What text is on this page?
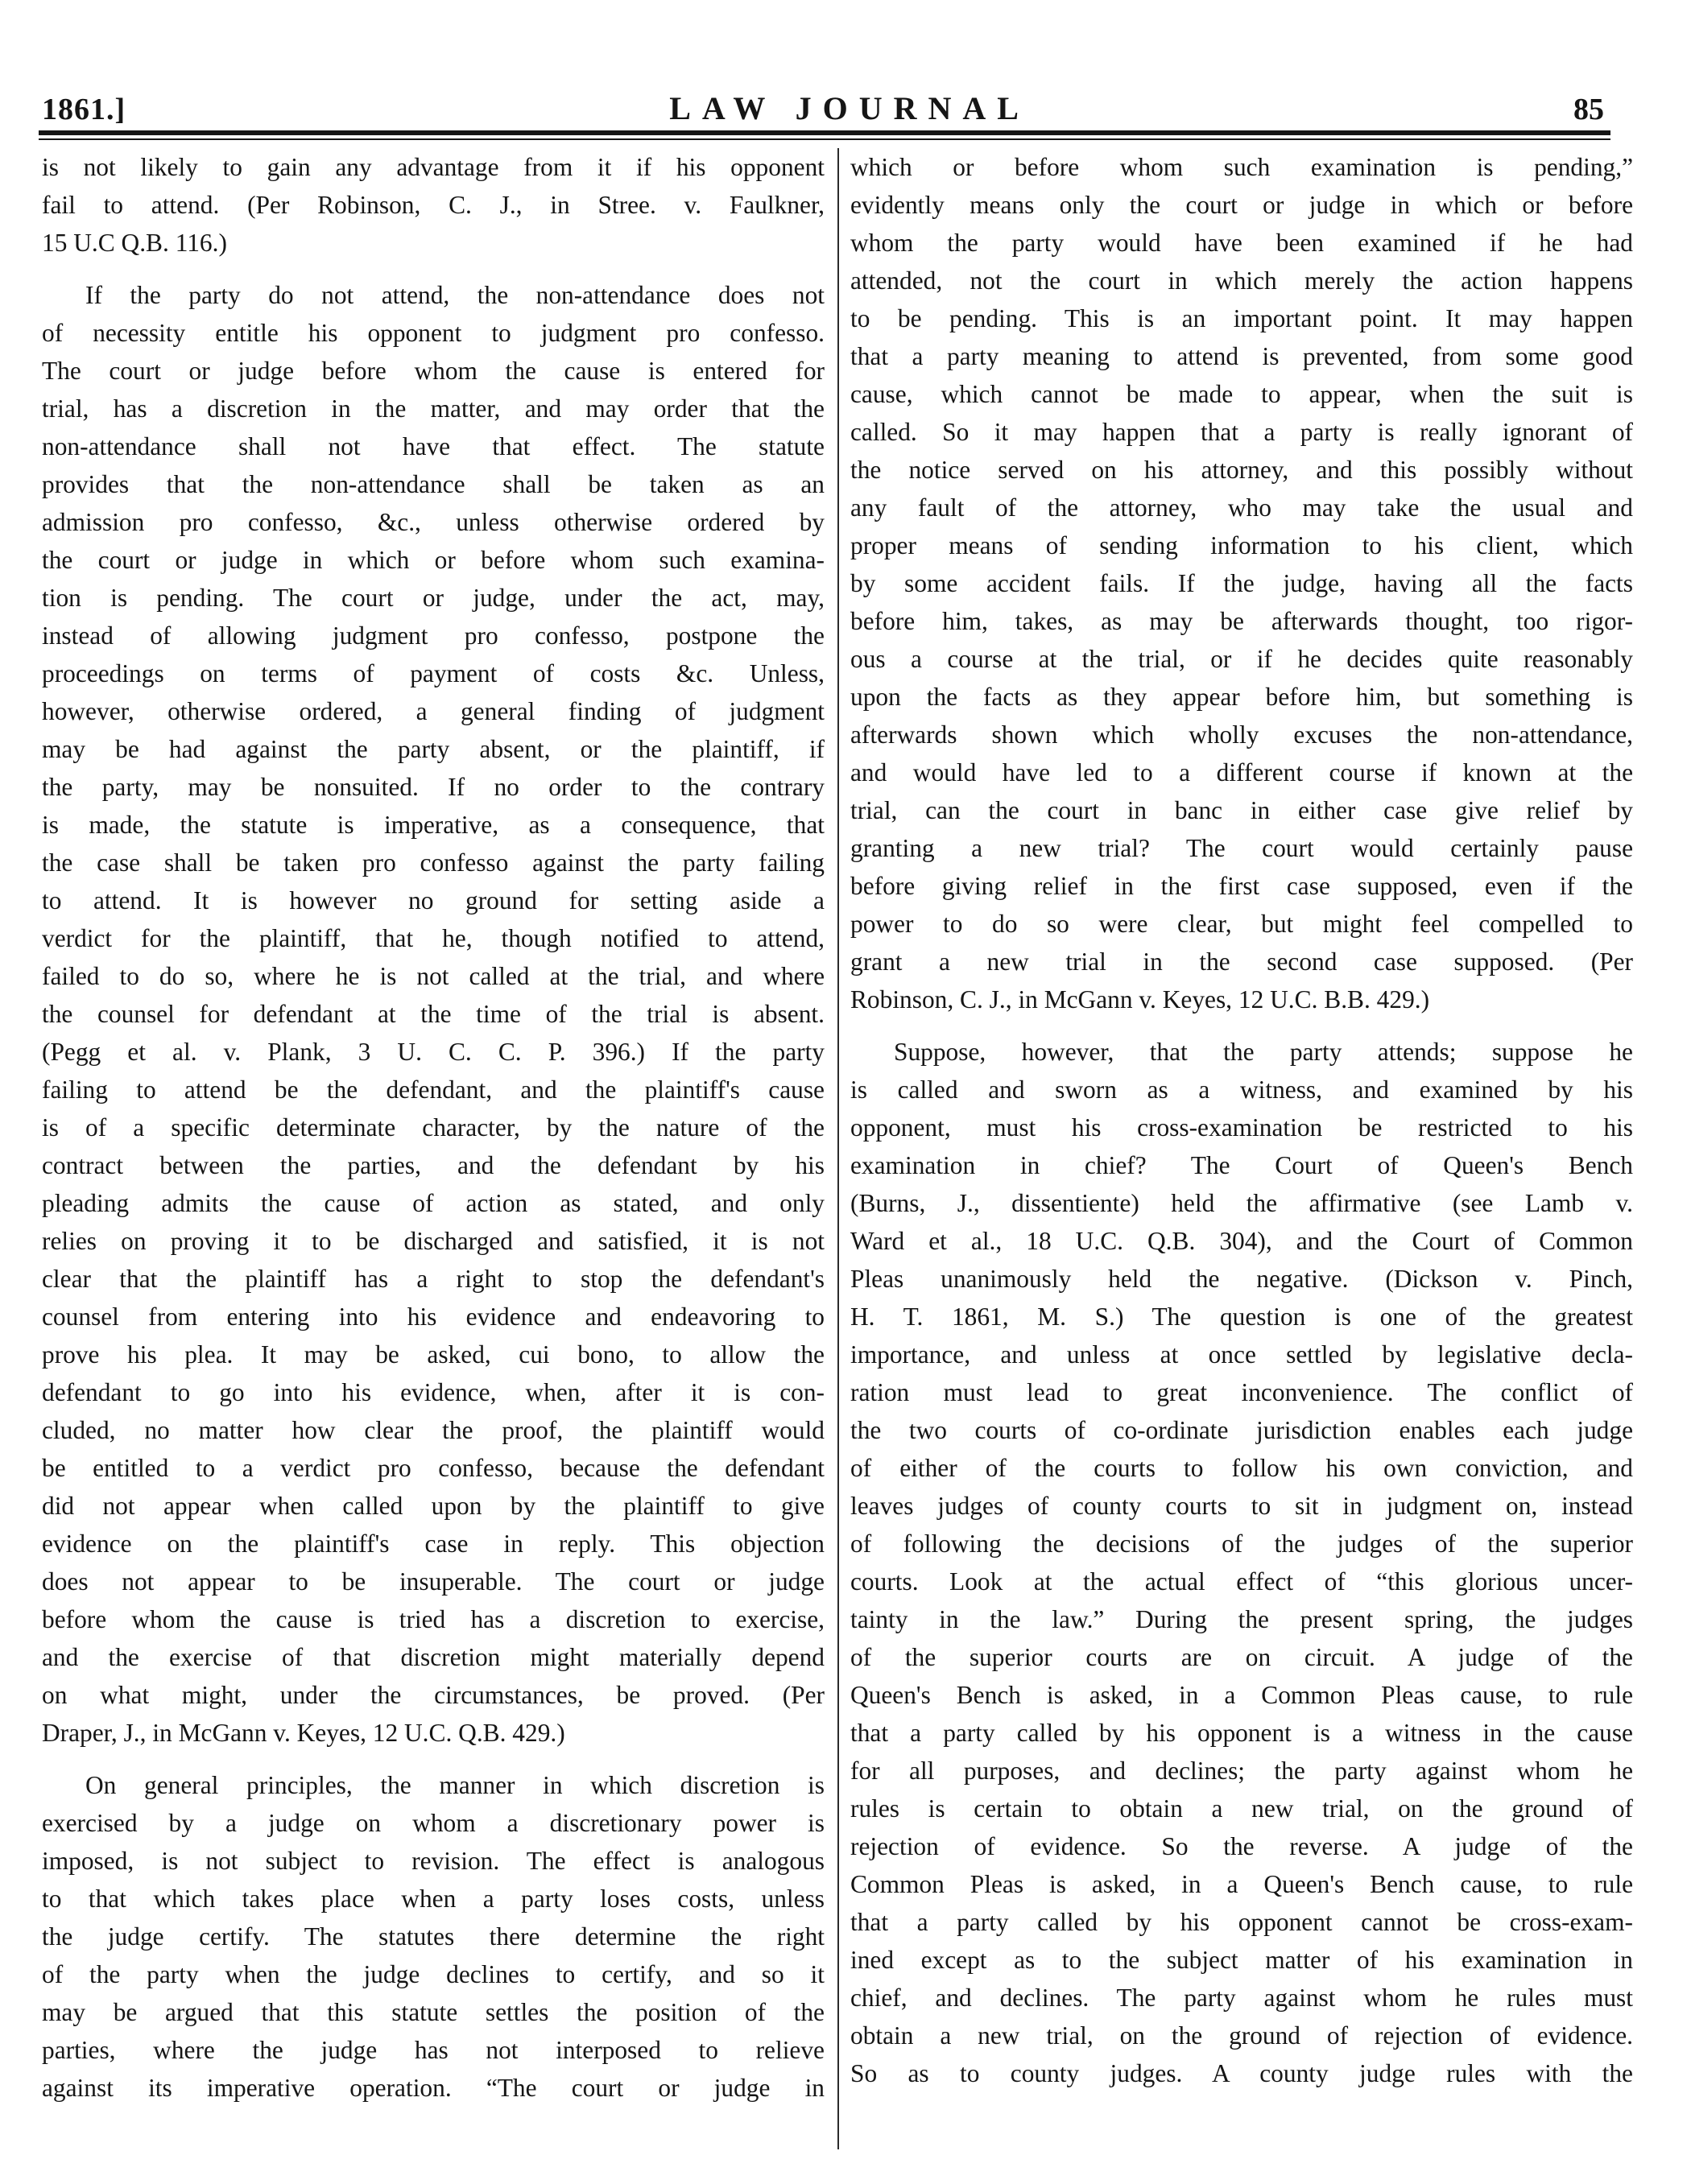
1861.]	LAW JOURNAL	85
is not likely to gain any advantage from it if his opponent
fail to attend. (Per Robinson, C. J., in Stree. v. Faulkner,
15 U.C Q.B. 116.)
If the party do not attend, the non-attendance does not
of necessity entitle his opponent to judgment pro confesso.
The court or judge before whom the cause is entered for
trial, has a discretion in the matter, and may order that the
non-attendance shall not have that effect. The statute
provides that the non-attendance shall be taken as an
admission pro confesso, &c., unless otherwise ordered by
the court or judge in which or before whom such examina-
tion is pending. The court or judge, under the act, may,
instead of allowing judgment pro confesso, postpone the
proceedings on terms of payment of costs &c. Unless,
however, otherwise ordered, a general finding of judgment
may be had against the party absent, or the plaintiff, if
the party, may be nonsuited. If no order to the contrary
is made, the statute is imperative, as a consequence, that
the case shall be taken pro confesso against the party failing
to attend. It is however no ground for setting aside a
verdict for the plaintiff, that he, though notified to attend,
failed to do so, where he is not called at the trial, and where
the counsel for defendant at the time of the trial is absent.
(Pegg et al. v. Plank, 3 U. C. C. P. 396.) If the party
failing to attend be the defendant, and the plaintiff's cause
is of a specific determinate character, by the nature of the
contract between the parties, and the defendant by his
pleading admits the cause of action as stated, and only
relies on proving it to be discharged and satisfied, it is not
clear that the plaintiff has a right to stop the defendant's
counsel from entering into his evidence and endeavoring to
prove his plea. It may be asked, cui bono, to allow the
defendant to go into his evidence, when, after it is con-
cluded, no matter how clear the proof, the plaintiff would
be entitled to a verdict pro confesso, because the defendant
did not appear when called upon by the plaintiff to give
evidence on the plaintiff's case in reply. This objection
does not appear to be insuperable. The court or judge
before whom the cause is tried has a discretion to exercise,
and the exercise of that discretion might materially depend
on what might, under the circumstances, be proved. (Per
Draper, J., in McGann v. Keyes, 12 U.C. Q.B. 429.)
On general principles, the manner in which discretion is
exercised by a judge on whom a discretionary power is
imposed, is not subject to revision. The effect is analogous
to that which takes place when a party loses costs, unless
the judge certify. The statutes there determine the right
of the party when the judge declines to certify, and so it
may be argued that this statute settles the position of the
parties, where the judge has not interposed to relieve
against its imperative operation. “The court or judge in
which or before whom such examination is pending,”
evidently means only the court or judge in which or before
whom the party would have been examined if he had
attended, not the court in which merely the action happens
to be pending. This is an important point. It may happen
that a party meaning to attend is prevented, from some good
cause, which cannot be made to appear, when the suit is
called. So it may happen that a party is really ignorant of
the notice served on his attorney, and this possibly without
any fault of the attorney, who may take the usual and
proper means of sending information to his client, which
by some accident fails. If the judge, having all the facts
before him, takes, as may be afterwards thought, too rigor-
ous a course at the trial, or if he decides quite reasonably
upon the facts as they appear before him, but something is
afterwards shown which wholly excuses the non-attendance,
and would have led to a different course if known at the
trial, can the court in banc in either case give relief by
granting a new trial? The court would certainly pause
before giving relief in the first case supposed, even if the
power to do so were clear, but might feel compelled to
grant a new trial in the second case supposed. (Per
Robinson, C. J., in McGann v. Keyes, 12 U.C. B.B. 429.)
Suppose, however, that the party attends; suppose he
is called and sworn as a witness, and examined by his
opponent, must his cross-examination be restricted to his
examination in chief? The Court of Queen's Bench
(Burns, J., dissentiente) held the affirmative (see Lamb v.
Ward et al., 18 U.C. Q.B. 304), and the Court of Common
Pleas unanimously held the negative. (Dickson v. Pinch,
H. T. 1861, M. S.) The question is one of the greatest
importance, and unless at once settled by legislative decla-
ration must lead to great inconvenience. The conflict of
the two courts of co-ordinate jurisdiction enables each judge
of either of the courts to follow his own conviction, and
leaves judges of county courts to sit in judgment on, instead
of following the decisions of the judges of the superior
courts. Look at the actual effect of “this glorious uncer-
tainty in the law.” During the present spring, the judges
of the superior courts are on circuit. A judge of the
Queen's Bench is asked, in a Common Pleas cause, to rule
that a party called by his opponent is a witness in the cause
for all purposes, and declines; the party against whom he
rules is certain to obtain a new trial, on the ground of
rejection of evidence. So the reverse. A judge of the
Common Pleas is asked, in a Queen's Bench cause, to rule
that a party called by his opponent cannot be cross-exam-
ined except as to the subject matter of his examination in
chief, and declines. The party against whom he rules must
obtain a new trial, on the ground of rejection of evidence.
So as to county judges. A county judge rules with the
